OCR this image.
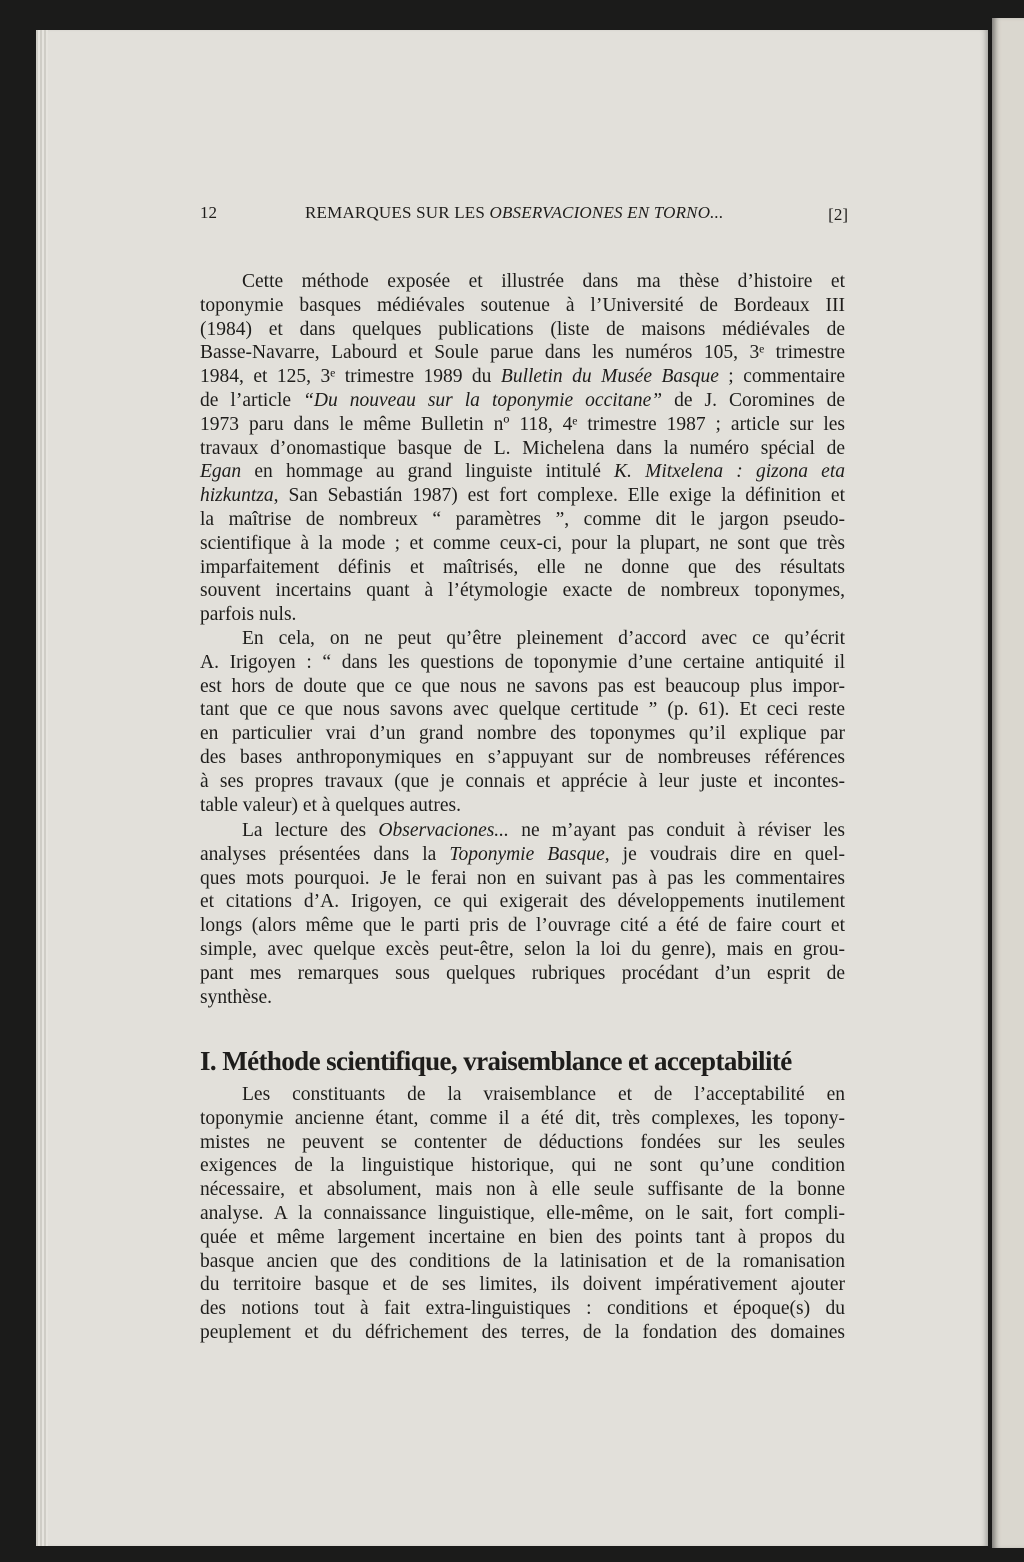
12	REMARQUES SUR LES OBSERVACIONES EN TORNO...	[2]
Cette méthode exposée et illustrée dans ma thèse d’histoire et
toponymie basques médiévales soutenue à l’Université de Bordeaux III
(1984) et dans quelques publications (liste de maisons médiévales de
Basse-Navarre, Labourd et Soule parue dans les numéros 105, 3ᵉ trimestre
1984, et 125, 3ᵉ trimestre 1989 du Bulletin du Musée Basque ; commentaire
de l’article “Du nouveau sur la toponymie occitane” de J. Coromines de
1973 paru dans le même Bulletin nº 118, 4ᵉ trimestre 1987 ; article sur les
travaux d’onomastique basque de L. Michelena dans la numéro spécial de
Egan en hommage au grand linguiste intitulé K. Mitxelena : gizona eta
hizkuntza, San Sebastián 1987) est fort complexe. Elle exige la définition et
la maîtrise de nombreux “ paramètres ”, comme dit le jargon pseudo-
scientifique à la mode ; et comme ceux-ci, pour la plupart, ne sont que très
imparfaitement définis et maîtrisés, elle ne donne que des résultats
souvent incertains quant à l’étymologie exacte de nombreux toponymes,
parfois nuls.
En cela, on ne peut qu’être pleinement d’accord avec ce qu’écrit
A. Irigoyen : “ dans les questions de toponymie d’une certaine antiquité il
est hors de doute que ce que nous ne savons pas est beaucoup plus impor-
tant que ce que nous savons avec quelque certitude ” (p. 61). Et ceci reste
en particulier vrai d’un grand nombre des toponymes qu’il explique par
des bases anthroponymiques en s’appuyant sur de nombreuses références
à ses propres travaux (que je connais et apprécie à leur juste et incontes-
table valeur) et à quelques autres.
La lecture des Observaciones... ne m’ayant pas conduit à réviser les
analyses présentées dans la Toponymie Basque, je voudrais dire en quel-
ques mots pourquoi. Je le ferai non en suivant pas à pas les commentaires
et citations d’A. Irigoyen, ce qui exigerait des développements inutilement
longs (alors même que le parti pris de l’ouvrage cité a été de faire court et
simple, avec quelque excès peut-être, selon la loi du genre), mais en grou-
pant mes remarques sous quelques rubriques procédant d’un esprit de
synthèse.
I. Méthode scientifique, vraisemblance et acceptabilité
Les constituants de la vraisemblance et de l’acceptabilité en
toponymie ancienne étant, comme il a été dit, très complexes, les topony-
mistes ne peuvent se contenter de déductions fondées sur les seules
exigences de la linguistique historique, qui ne sont qu’une condition
nécessaire, et absolument, mais non à elle seule suffisante de la bonne
analyse. A la connaissance linguistique, elle-même, on le sait, fort compli-
quée et même largement incertaine en bien des points tant à propos du
basque ancien que des conditions de la latinisation et de la romanisation
du territoire basque et de ses limites, ils doivent impérativement ajouter
des notions tout à fait extra-linguistiques : conditions et époque(s) du
peuplement et du défrichement des terres, de la fondation des domaines
